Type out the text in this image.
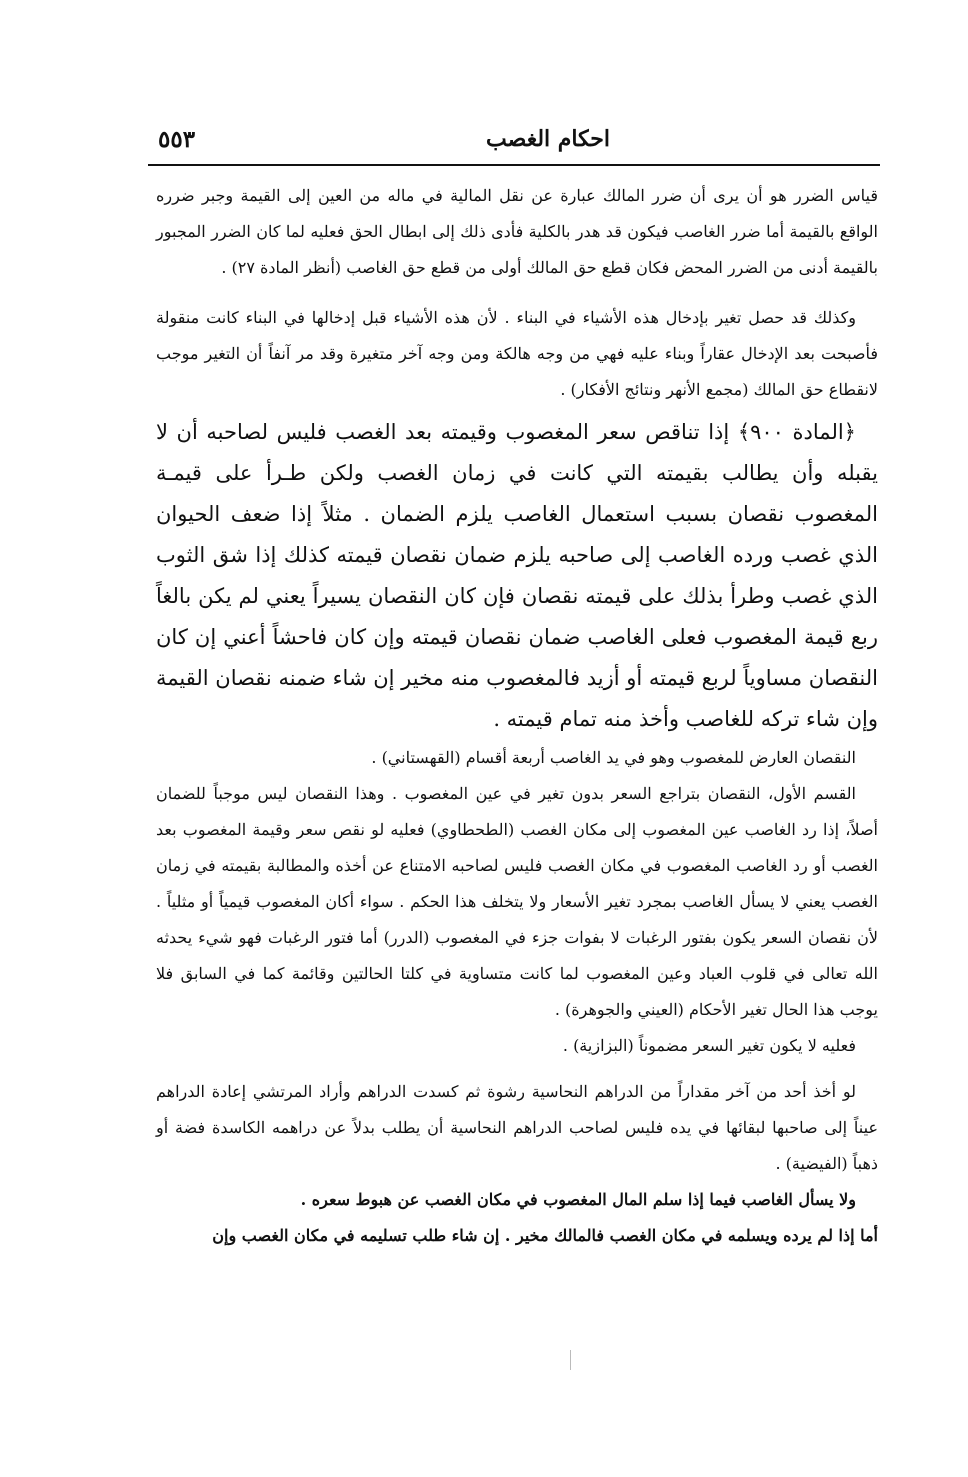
احكام الغصب
٥٥٣

قياس الضرر هو أن يرى أن ضرر المالك عبارة عن نقل المالية في ماله من العين إلى القيمة وجبر ضرره الواقع بالقيمة أما ضرر الغاصب فيكون قد هدر بالكلية فأدى ذلك إلى ابطال الحق فعليه لما كان الضرر المجبور بالقيمة أدنى من الضرر المحض فكان قطع حق المالك أولى من قطع حق الغاصب (أنظر المادة ٢٧) .

وكذلك قد حصل تغير بإدخال هذه الأشياء في البناء . لأن هذه الأشياء قبل إدخالها في البناء كانت منقولة فأصبحت بعد الإدخال عقاراً وبناء عليه فهي من وجه هالكة ومن وجه آخر متغيرة وقد مر آنفاً أن التغير موجب لانقطاع حق المالك (مجمع الأنهر ونتائج الأفكار) .

﴿المادة ٩٠٠﴾ إذا تناقص سعر المغصوب وقيمته بعد الغصب فليس لصاحبه أن لا يقبله وأن يطالب بقيمته التي كانت في زمان الغصب ولكن طـرأ على قيمـة المغصوب نقصان بسبب استعمال الغاصب يلزم الضمان . مثلاً إذا ضعف الحيوان الذي غصب ورده الغاصب إلى صاحبه يلزم ضمان نقصان قيمته كذلك إذا شق الثوب الذي غصب وطرأ بذلك على قيمته نقصان فإن كان النقصان يسيراً يعني لم يكن بالغاً ربع قيمة المغصوب فعلى الغاصب ضمان نقصان قيمته وإن كان فاحشاً أعني إن كان النقصان مساوياً لربع قيمته أو أزيد فالمغصوب منه مخير إن شاء ضمنه نقصان القيمة وإن شاء تركه للغاصب وأخذ منه تمام قيمته .

النقصان العارض للمغصوب وهو في يد الغاصب أربعة أقسام (القهستاني) .

القسم الأول، النقصان بتراجع السعر بدون تغير في عين المغصوب . وهذا النقصان ليس موجباً للضمان أصلاً، إذا رد الغاصب عين المغصوب إلى مكان الغصب (الطحطاوي) فعليه لو نقص سعر وقيمة المغصوب بعد الغصب أو رد الغاصب المغصوب في مكان الغصب فليس لصاحبه الامتناع عن أخذه والمطالبة بقيمته في زمان الغصب يعني لا يسأل الغاصب بمجرد تغير الأسعار ولا يتخلف هذا الحكم . سواء أكان المغصوب قيمياً أو مثلياً . لأن نقصان السعر يكون بفتور الرغبات لا بفوات جزء في المغصوب (الدرر) أما فتور الرغبات فهو شيء يحدثه الله تعالى في قلوب العباد وعين المغصوب لما كانت متساوية في كلتا الحالتين وقائمة كما في السابق فلا يوجب هذا الحال تغير الأحكام (العيني والجوهرة) .

فعليه لا يكون تغير السعر مضموناً (البزازية) .

لو أخذ أحد من آخر مقداراً من الدراهم النحاسية رشوة ثم كسدت الدراهم وأراد المرتشي إعادة الدراهم عيناً إلى صاحبها لبقائها في يده فليس لصاحب الدراهم النحاسية أن يطلب بدلاً عن دراهمه الكاسدة فضة أو ذهباً (الفيضية) .

ولا يسأل الغاصب فيما إذا سلم المال المغصوب في مكان الغصب عن هبوط سعره .

أما إذا لم يرده ويسلمه في مكان الغصب فالمالك مخير . إن شاء طلب تسليمه في مكان الغصب وإن
